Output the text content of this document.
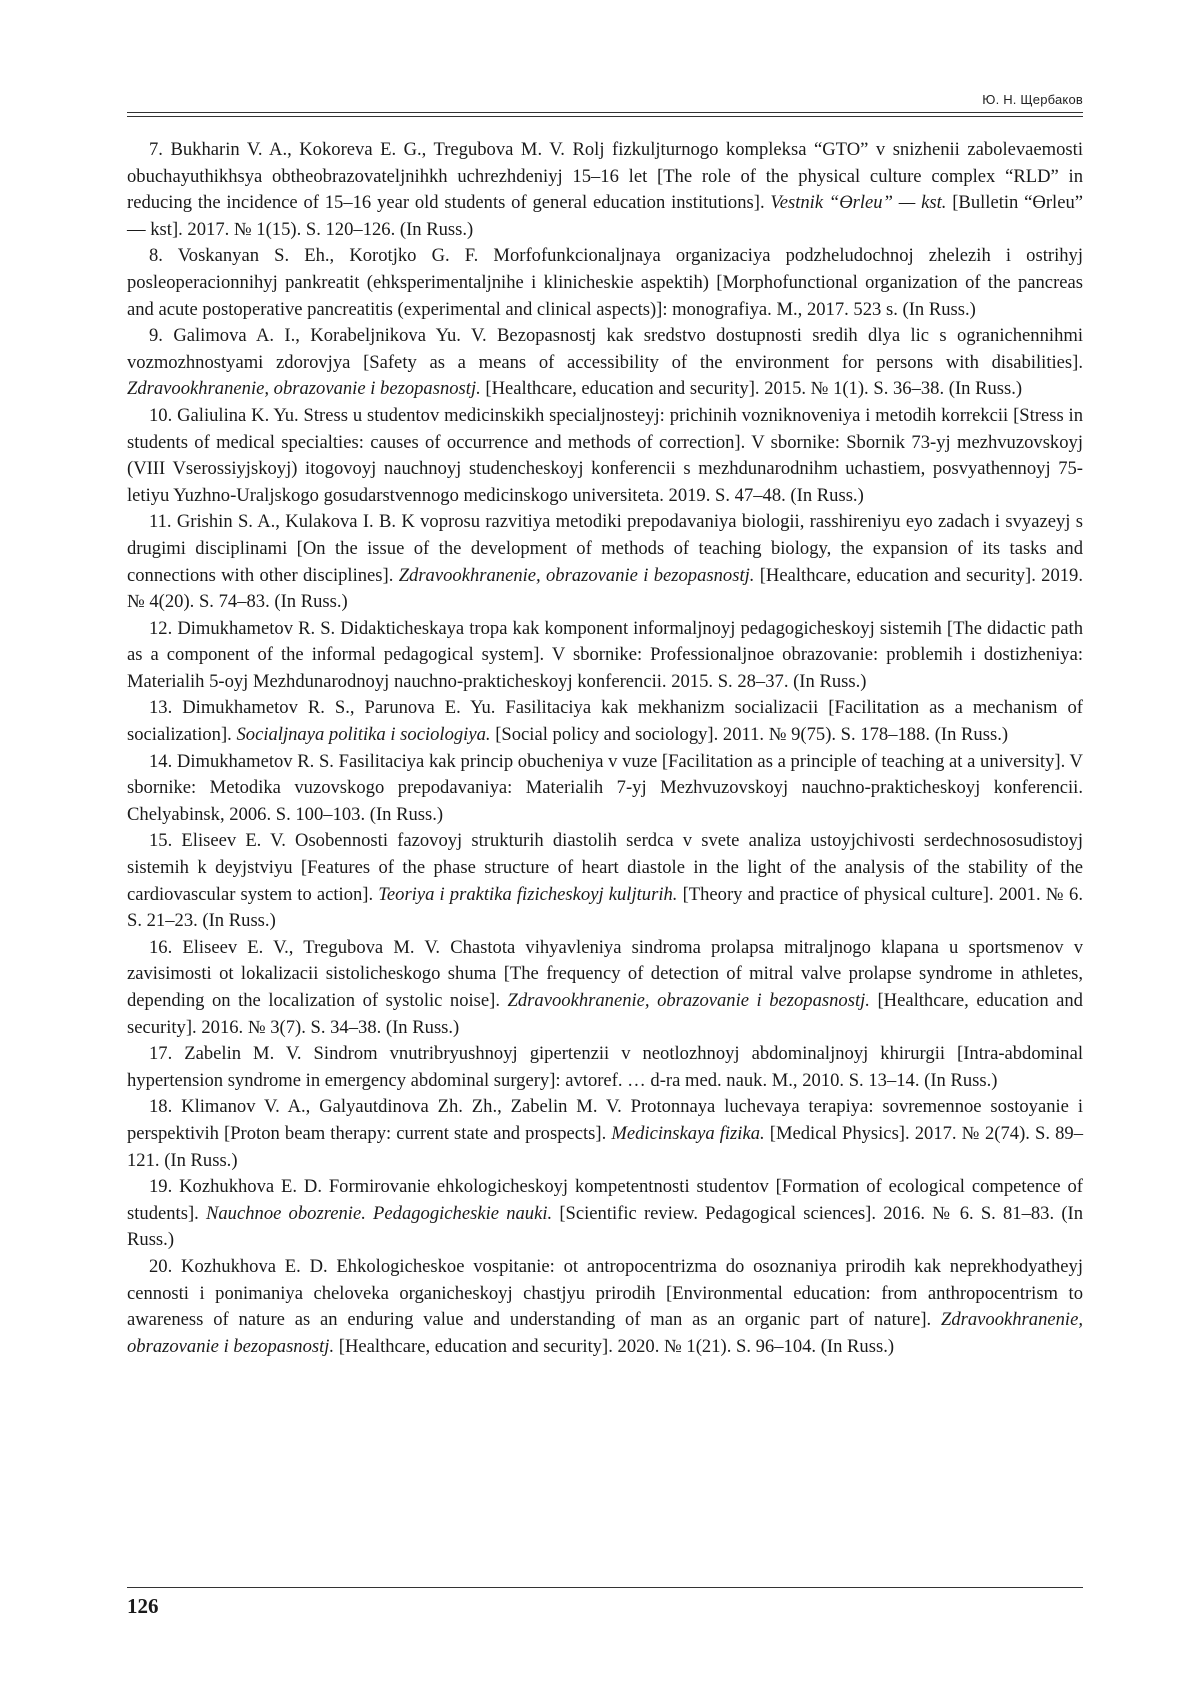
Ю. Н. Щербаков

7. Bukharin V. A., Kokoreva E. G., Tregubova M. V. Rolj fizkuljturnogo kompleksa “GTO” v snizhenii zabolevaemosti obuchayuthikhsya obtheobrazovateljnihkh uchrezhdeniyj 15–16 let [The role of the physical culture complex “RLD” in reducing the incidence of 15–16 year old students of general education institutions]. Vestnik “Өrleu” — kst. [Bulletin “Өrleu” — kst]. 2017. № 1(15). S. 120–126. (In Russ.)

8. Voskanyan S. Eh., Korotjko G. F. Morfofunkcionaljnaya organizaciya podzheludochnoj zhelezih i ostrihyj posleoperacionnihyj pankreatit (ehksperimentaljnihe i klinicheskie aspektih) [Morphofunctional organization of the pancreas and acute postoperative pancreatitis (experimental and clinical aspects)]: monografiya. M., 2017. 523 s. (In Russ.)

9. Galimova A. I., Korabeljnikova Yu. V. Bezopasnostj kak sredstvo dostupnosti sredih dlya lic s ogranichennihmi vozmozhnostyami zdorovjya [Safety as a means of accessibility of the environment for persons with disabilities]. Zdravookhranenie, obrazovanie i bezopasnostj. [Healthcare, education and security]. 2015. № 1(1). S. 36–38. (In Russ.)

10. Galiulina K. Yu. Stress u studentov medicinskikh specialjnosteyj: prichinih vozniknoveniya i metodih korrekcii [Stress in students of medical specialties: causes of occurrence and methods of correction]. V sbornike: Sbornik 73-yj mezhvuzovskoyj (VIII Vserossiyjskoyj) itogovoyj nauchnoyj studencheskoyj konferencii s mezhdunarodnihm uchastiem, posvyathennoyj 75-letiyu Yuzhno-Uraljskogo gosudarstvennogo medicinskogo universiteta. 2019. S. 47–48. (In Russ.)

11. Grishin S. A., Kulakova I. B. K voprosu razvitiya metodiki prepodavaniya biologii, rasshireniyu eyo zadach i svyazeyj s drugimi disciplinami [On the issue of the development of methods of teaching biology, the expansion of its tasks and connections with other disciplines]. Zdravookhranenie, obrazovanie i bezopasnostj. [Healthcare, education and security]. 2019. № 4(20). S. 74–83. (In Russ.)

12. Dimukhametov R. S. Didakticheskaya tropa kak komponent informaljnoyj pedagogicheskoyj sistemih [The didactic path as a component of the informal pedagogical system]. V sbornike: Professionaljnoe obrazovanie: problemih i dostizheniya: Materialih 5-oyj Mezhdunarodnoyj nauchno-prakticheskoyj konferencii. 2015. S. 28–37. (In Russ.)

13. Dimukhametov R. S., Parunova E. Yu. Fasilitaciya kak mekhanizm socializacii [Facilitation as a mechanism of socialization]. Socialjnaya politika i sociologiya. [Social policy and sociology]. 2011. № 9(75). S. 178–188. (In Russ.)

14. Dimukhametov R. S. Fasilitaciya kak princip obucheniya v vuze [Facilitation as a principle of teaching at a university]. V sbornike: Metodika vuzovskogo prepodavaniya: Materialih 7-yj Mezhvuzovskoyj nauchno-prakticheskoyj konferencii. Chelyabinsk, 2006. S. 100–103. (In Russ.)

15. Eliseev E. V. Osobennosti fazovoyj strukturih diastolih serdca v svete analiza ustoyjchivosti serdechnososudistoyj sistemih k deyjstviyu [Features of the phase structure of heart diastole in the light of the analysis of the stability of the cardiovascular system to action]. Teoriya i praktika fizicheskoyj kuljturih. [Theory and practice of physical culture]. 2001. № 6. S. 21–23. (In Russ.)

16. Eliseev E. V., Tregubova M. V. Chastota vihyavleniya sindroma prolapsa mitraljnogo klapana u sportsmenov v zavisimosti ot lokalizacii sistolicheskogo shuma [The frequency of detection of mitral valve prolapse syndrome in athletes, depending on the localization of systolic noise]. Zdravookhranenie, obrazovanie i bezopasnostj. [Healthcare, education and security]. 2016. № 3(7). S. 34–38. (In Russ.)

17. Zabelin M. V. Sindrom vnutribryushnoyj gipertenzii v neotlozhnoyj abdominaljnoyj khirurgii [Intra-abdominal hypertension syndrome in emergency abdominal surgery]: avtoref. … d-ra med. nauk. M., 2010. S. 13–14. (In Russ.)

18. Klimanov V. A., Galyautdinova Zh. Zh., Zabelin M. V. Protonnaya luchevaya terapiya: sovremennoe sostoyanie i perspektivih [Proton beam therapy: current state and prospects]. Medicinskaya fizika. [Medical Physics]. 2017. № 2(74). S. 89–121. (In Russ.)

19. Kozhukhova E. D. Formirovanie ehkologicheskoyj kompetentnosti studentov [Formation of ecological competence of students]. Nauchnoe obozrenie. Pedagogicheskie nauki. [Scientific review. Pedagogical sciences]. 2016. № 6. S. 81–83. (In Russ.)

20. Kozhukhova E. D. Ehkologicheskoe vospitanie: ot antropocentrizma do osoznaniya prirodih kak neprekhodyatheyj cennosti i ponimaniya cheloveka organicheskoyj chastjyu prirodih [Environmental education: from anthropocentrism to awareness of nature as an enduring value and understanding of man as an organic part of nature]. Zdravookhranenie, obrazovanie i bezopasnostj. [Healthcare, education and security]. 2020. № 1(21). S. 96–104. (In Russ.)

126
